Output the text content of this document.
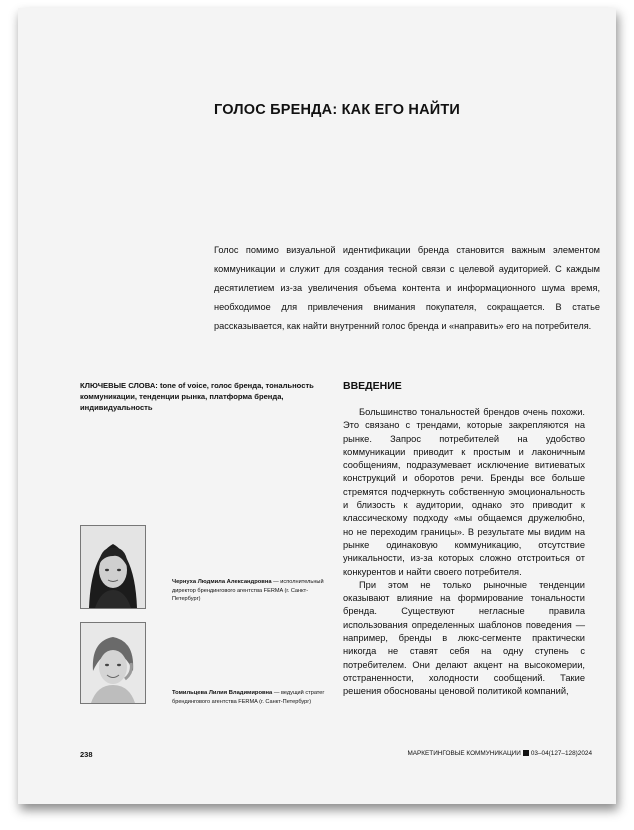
ГОЛОС БРЕНДА: КАК ЕГО НАЙТИ
Голос помимо визуальной идентификации бренда становится важным элементом коммуникации и служит для создания тесной связи с целевой аудиторией. С каждым десятилетием из-за увеличения объема контента и информационного шума время, необходимое для привлечения внимания покупателя, сокращается. В статье рассказывается, как найти внутренний голос бренда и «направить» его на потребителя.
КЛЮЧЕВЫЕ СЛОВА: tone of voice, голос бренда, тональность коммуникации, тенденции рынка, платформа бренда, индивидуальность
ВВЕДЕНИЕ

Большинство тональностей брендов очень похожи. Это связано с трендами, которые закрепляются на рынке. Запрос потребителей на удобство коммуникации приводит к простым и лаконичным сообщениям, подразумевает исключение витиеватых конструкций и оборотов речи. Бренды все больше стремятся подчеркнуть собственную эмоциональность и близость к аудитории, однако это приводит к классическому подходу «мы общаемся дружелюбно, но не переходим границы». В результате мы видим на рынке одинаковую коммуникацию, отсутствие уникальности, из-за которых сложно отстроиться от конкурентов и найти своего потребителя.

При этом не только рыночные тенденции оказывают влияние на формирование тональности бренда. Существуют негласные правила использования определенных шаблонов поведения — например, бренды в люкс-сегменте практически никогда не ставят себя на одну ступень с потребителем. Они делают акцент на высокомерии, отстраненности, холодности сообщений. Такие решения обоснованы ценовой политикой компаний,

Чернуха Людмила Александровна — исполнительный директор брендингового агентства FERMA (г. Санкт-Петербург)
Томильцева Лилия Владимировна — ведущий стратег брендингового агентства FERMA (г. Санкт-Петербург)
238	МАРКЕТИНГОВЫЕ КОММУНИКАЦИИ 03–04(127–128)2024
